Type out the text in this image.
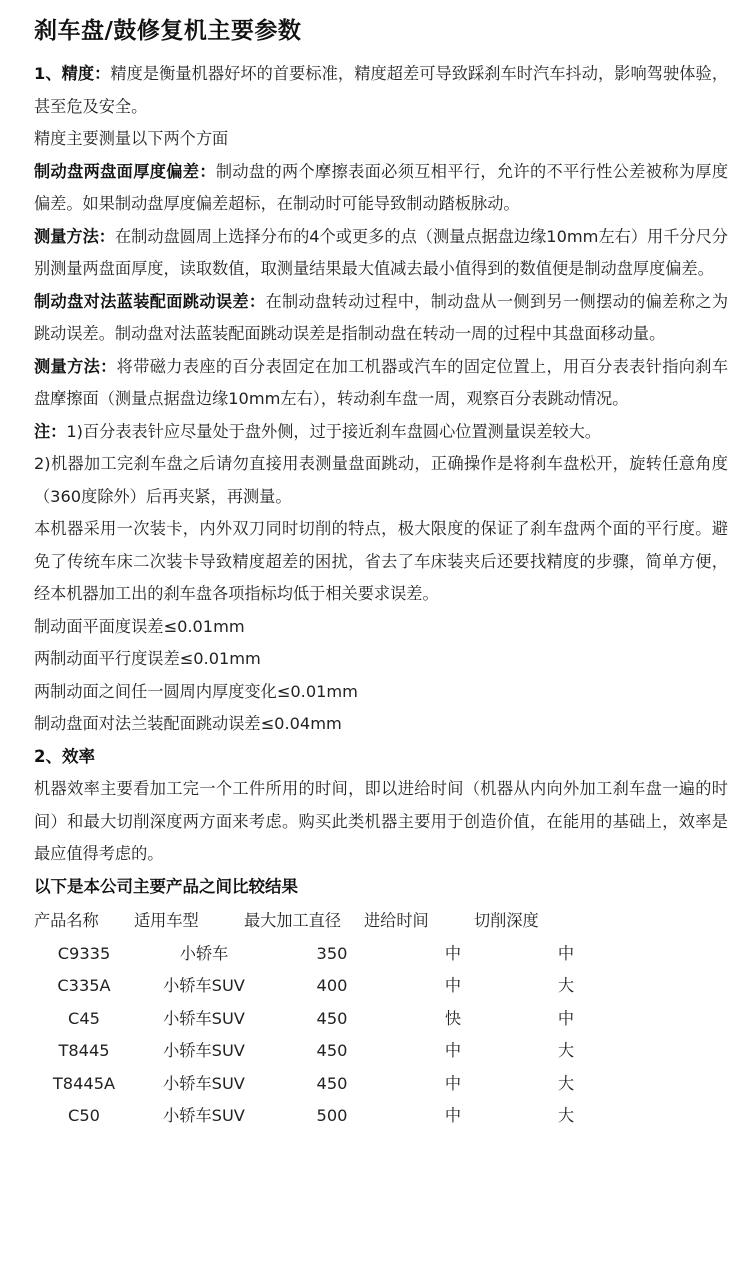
刹车盘/鼓修复机主要参数

1、精度：精度是衡量机器好坏的首要标准，精度超差可导致踩刹车时汽车抖动，影响驾驶体验，甚至危及安全。

精度主要测量以下两个方面

制动盘两盘面厚度偏差：制动盘的两个摩擦表面必须互相平行，允许的不平行性公差被称为厚度偏差。如果制动盘厚度偏差超标，在制动时可能导致制动踏板脉动。

测量方法：在制动盘圆周上选择分布的4个或更多的点（测量点据盘边缘10mm左右）用千分尺分别测量两盘面厚度，读取数值，取测量结果最大值减去最小值得到的数值便是制动盘厚度偏差。

制动盘对法蓝装配面跳动误差：在制动盘转动过程中，制动盘从一侧到另一侧摆动的偏差称之为跳动误差。制动盘对法蓝装配面跳动误差是指制动盘在转动一周的过程中其盘面移动量。

测量方法：将带磁力表座的百分表固定在加工机器或汽车的固定位置上，用百分表表针指向刹车盘摩擦面（测量点据盘边缘10mm左右），转动刹车盘一周，观察百分表跳动情况。

注：1)百分表表针应尽量处于盘外侧，过于接近刹车盘圆心位置测量误差较大。

2)机器加工完刹车盘之后请勿直接用表测量盘面跳动，正确操作是将刹车盘松开，旋转任意角度（360度除外）后再夹紧，再测量。

本机器采用一次装卡，内外双刀同时切削的特点，极大限度的保证了刹车盘两个面的平行度。避免了传统车床二次装卡导致精度超差的困扰，省去了车床装夹后还要找精度的步骤，简单方便，经本机器加工出的刹车盘各项指标均低于相关要求误差。

制动面平面度误差≤0.01mm

两制动面平行度误差≤0.01mm

两制动面之间任一圆周内厚度变化≤0.01mm

制动盘面对法兰装配面跳动误差≤0.04mm

2、效率

机器效率主要看加工完一个工件所用的时间，即以进给时间（机器从内向外加工刹车盘一遍的时间）和最大切削深度两方面来考虑。购买此类机器主要用于创造价值，在能用的基础上，效率是最应值得考虑的。

以下是本公司主要产品之间比较结果

产品名称	适用车型	最大加工直径	进给时间	切削深度
C9335	小轿车	350	中	中
C335A	小轿车SUV	400	中	大
C45	小轿车SUV	450	快	中
T8445	小轿车SUV	450	中	大
T8445A	小轿车SUV	450	中	大
C50	小轿车SUV	500	中	大
